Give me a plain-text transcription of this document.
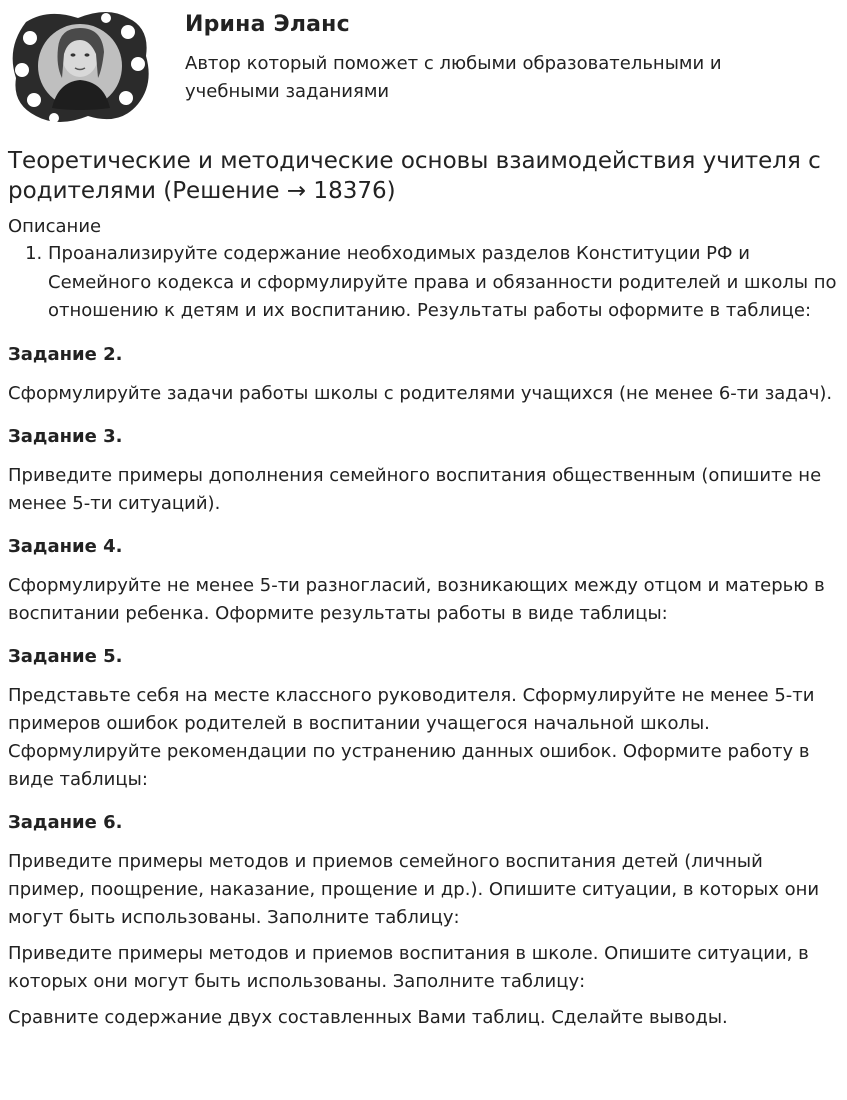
Ирина Эланс
Автор который поможет с любыми образовательными и учебными заданиями
Теоретические и методические основы взаимодействия учителя с родителями (Решение → 18376)
Описание
1. Проанализируйте содержание необходимых разделов Конституции РФ и Семейного кодекса и сформулируйте права и обязанности родителей и школы по отношению к детям и их воспитанию. Результаты работы оформите в таблице:
Задание 2.
Сформулируйте задачи работы школы с родителями учащихся (не менее 6-ти задач).
Задание 3.
Приведите примеры дополнения семейного воспитания общественным (опишите не менее 5-ти ситуаций).
Задание 4.
Сформулируйте не менее 5-ти разногласий, возникающих между отцом и матерью в воспитании ребенка. Оформите результаты работы в виде таблицы:
Задание 5.
Представьте себя на месте классного руководителя. Сформулируйте не менее 5-ти примеров ошибок родителей в воспитании учащегося начальной школы. Сформулируйте рекомендации по устранению данных ошибок. Оформите работу в виде таблицы:
Задание 6.
Приведите примеры методов и приемов семейного воспитания детей (личный пример, поощрение, наказание, прощение и др.). Опишите ситуации, в которых они могут быть использованы. Заполните таблицу:
Приведите примеры методов и приемов воспитания в школе. Опишите ситуации, в которых они могут быть использованы. Заполните таблицу:
Сравните содержание двух составленных Вами таблиц. Сделайте выводы.
